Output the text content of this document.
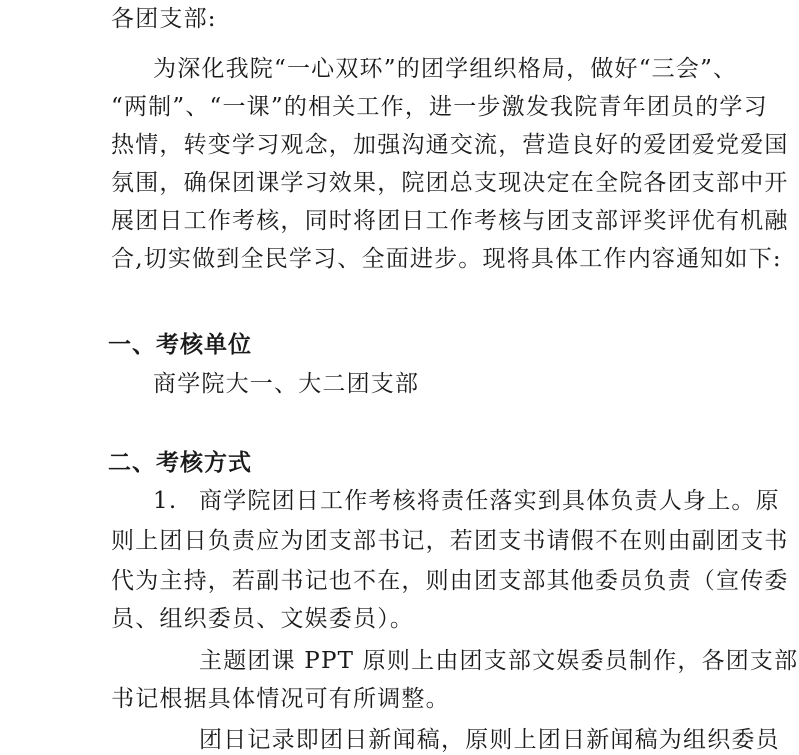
各团支部:
为深化我院“一心双环”的团学组织格局，做好“三会”、
“两制”、“一课”的相关工作，进一步激发我院青年团员的学习
热情，转变学习观念，加强沟通交流，营造良好的爱团爱党爱国
氛围，确保团课学习效果，院团总支现决定在全院各团支部中开
展团日工作考核，同时将团日工作考核与团支部评奖评优有机融
合,切实做到全民学习、全面进步。现将具体工作内容通知如下:
一、考核单位
商学院大一、大二团支部
二、考核方式
1. 商学院团日工作考核将责任落实到具体负责人身上。原
则上团日负责应为团支部书记，若团支书请假不在则由副团支书
代为主持，若副书记也不在，则由团支部其他委员负责（宣传委
员、组织委员、文娱委员）。
主题团课 PPT 原则上由团支部文娱委员制作，各团支部
书记根据具体情况可有所调整。
团日记录即团日新闻稿，原则上团日新闻稿为组织委员
